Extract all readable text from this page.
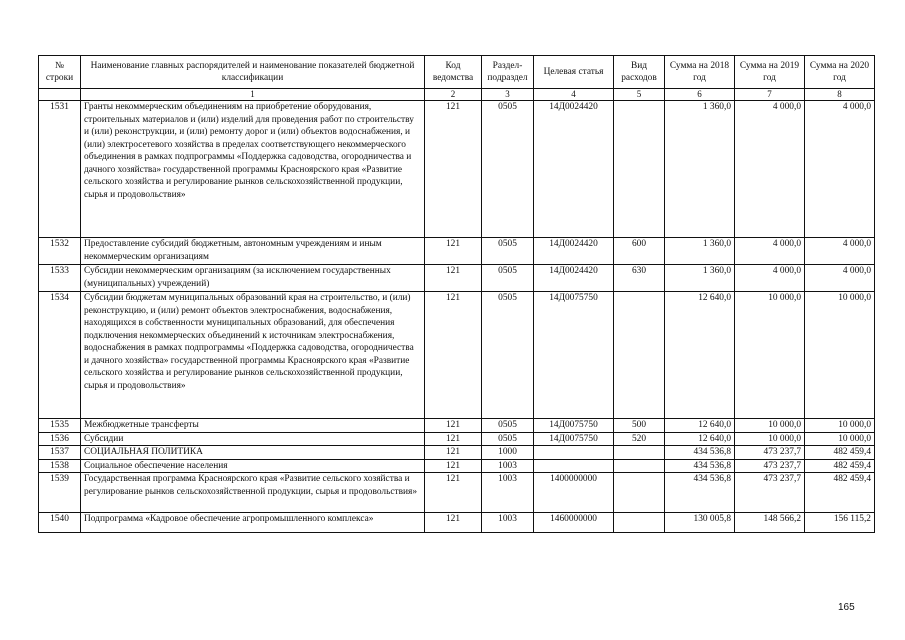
№ строки	Наименование главных распорядителей и наименование показателей бюджетной классификации	Код ведомства	Раздел- подраздел	Целевая статья	Вид расходов	Сумма на 2018 год	Сумма на 2019 год	Сумма на 2020 год
	1	2	3	4	5	6	7	8
1531	Гранты некоммерческим объединениям на приобретение оборудования, строительных материалов и (или) изделий для проведения работ по строительству и (или) реконструкции, и (или) ремонту дорог и (или) объектов водоснабжения, и (или) электросетевого хозяйства в пределах соответствующего некоммерческого объединения в рамках подпрограммы «Поддержка садоводства, огородничества и дачного хозяйства» государственной программы Красноярского края «Развитие сельского хозяйства и регулирование рынков сельскохозяйственной продукции, сырья и продовольствия»	121	0505	14Д0024420		1 360,0	4 000,0	4 000,0
1532	Предоставление субсидий бюджетным, автономным учреждениям и иным некоммерческим организациям	121	0505	14Д0024420	600	1 360,0	4 000,0	4 000,0
1533	Субсидии некоммерческим организациям (за исключением государственных (муниципальных) учреждений)	121	0505	14Д0024420	630	1 360,0	4 000,0	4 000,0
1534	Субсидии бюджетам муниципальных образований края на строительство, и (или) реконструкцию, и (или) ремонт объектов электроснабжения, водоснабжения, находящихся в собственности муниципальных образований, для обеспечения подключения некоммерческих объединений к источникам электроснабжения, водоснабжения в рамках подпрограммы «Поддержка садоводства, огородничества и дачного хозяйства» государственной программы Красноярского края «Развитие сельского хозяйства и регулирование рынков сельскохозяйственной продукции, сырья и продовольствия»	121	0505	14Д0075750		12 640,0	10 000,0	10 000,0
1535	Межбюджетные трансферты	121	0505	14Д0075750	500	12 640,0	10 000,0	10 000,0
1536	Субсидии	121	0505	14Д0075750	520	12 640,0	10 000,0	10 000,0
1537	СОЦИАЛЬНАЯ ПОЛИТИКА	121	1000			434 536,8	473 237,7	482 459,4
1538	Социальное обеспечение населения	121	1003			434 536,8	473 237,7	482 459,4
1539	Государственная программа Красноярского края «Развитие сельского хозяйства и регулирование рынков сельскохозяйственной продукции, сырья и продовольствия»	121	1003	1400000000		434 536,8	473 237,7	482 459,4
1540	Подпрограмма «Кадровое обеспечение агропромышленного комплекса»	121	1003	1460000000		130 005,8	148 566,2	156 115,2
165
